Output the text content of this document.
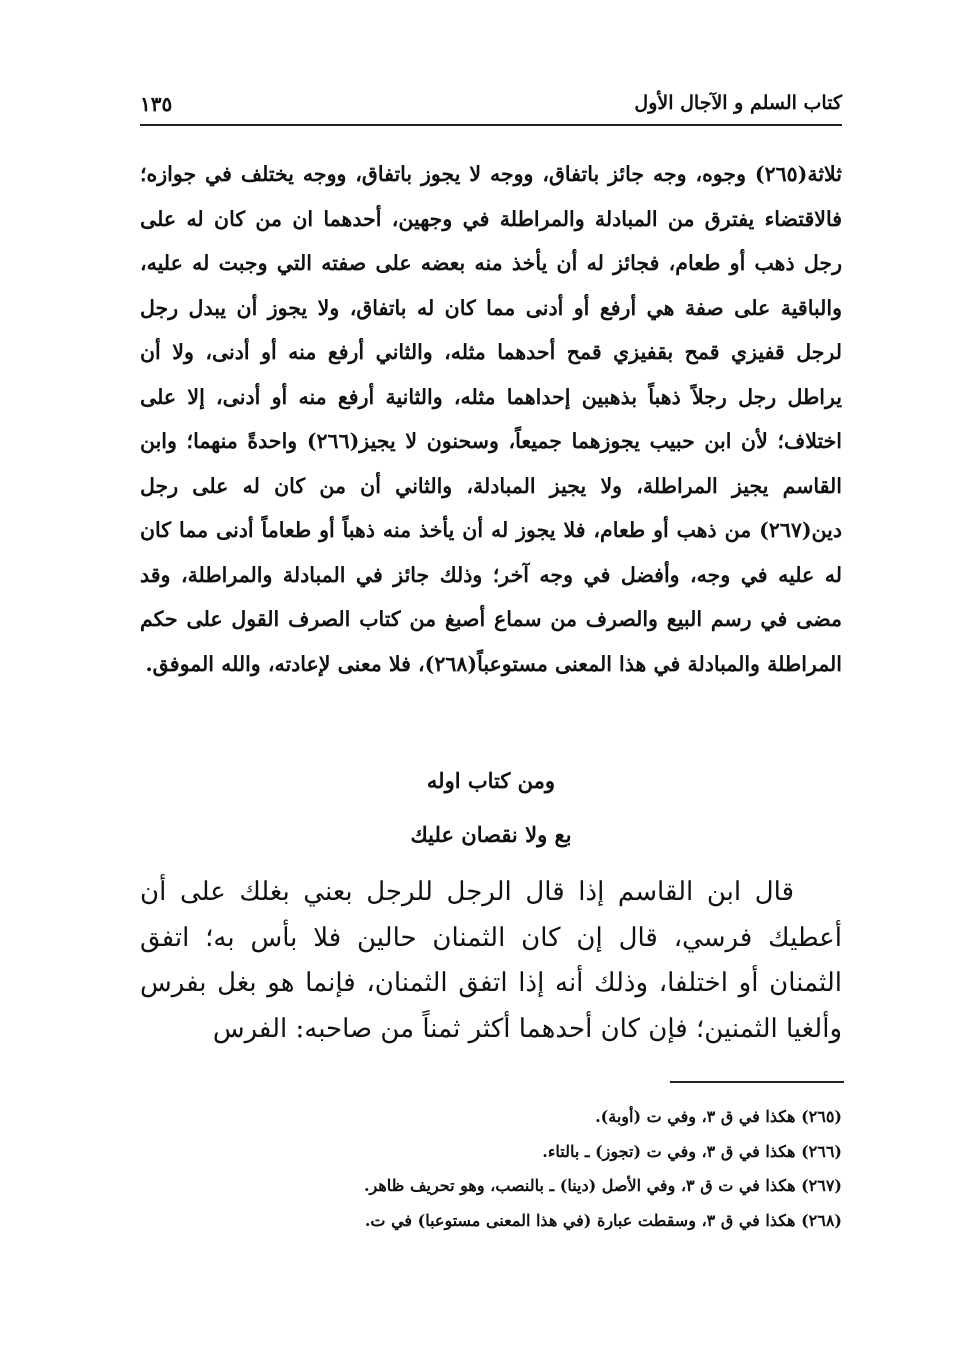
كتاب السلم و الآجال الأول
١٣٥

ثلاثة(٢٦٥) وجوه، وجه جائز باتفاق، ووجه لا يجوز باتفاق، ووجه يختلف في جوازه؛ فالاقتضاء يفترق من المبادلة والمراطلة في وجهين، أحدهما ان من كان له على رجل ذهب أو طعام، فجائز له أن يأخذ منه بعضه على صفته التي وجبت له عليه، والباقية على صفة هي أرفع أو أدنى مما كان له باتفاق، ولا يجوز أن يبدل رجل لرجل قفيزي قمح بقفيزي قمح أحدهما مثله، والثاني أرفع منه أو أدنى، ولا أن يراطل رجل رجلاً ذهباً بذهبين إحداهما مثله، والثانية أرفع منه أو أدنى، إلا على اختلاف؛ لأن ابن حبيب يجوزهما جميعاً، وسحنون لا يجيز(٢٦٦) واحدةً منهما؛ وابن القاسم يجيز المراطلة، ولا يجيز المبادلة، والثاني أن من كان له على رجل دين(٢٦٧) من ذهب أو طعام، فلا يجوز له أن يأخذ منه ذهباً أو طعاماً أدنى مما كان له عليه في وجه، وأفضل في وجه آخر؛ وذلك جائز في المبادلة والمراطلة، وقد مضى في رسم البيع والصرف من سماع أصبغ من كتاب الصرف القول على حكم المراطلة والمبادلة في هذا المعنى مستوعباً(٢٦٨)، فلا معنى لإعادته، والله الموفق.

ومن كتاب اوله
بع ولا نقصان عليك

قال ابن القاسم إذا قال الرجل للرجل بعني بغلك على أن أعطيك فرسي، قال إن كان الثمنان حالين فلا بأس به؛ اتفق الثمنان أو اختلفا، وذلك أنه إذا اتفق الثمنان، فإنما هو بغل بفرس وألغيا الثمنين؛ فإن كان أحدهما أكثر ثمناً من صاحبه: الفرس

(٢٦٥) هكذا في ق ٣، وفي ت (أوبة).
(٢٦٦) هكذا في ق ٣، وفي ت (تجوز) ـ بالتاء.
(٢٦٧) هكذا في ت ق ٣، وفي الأصل (دينا) ـ بالنصب، وهو تحريف ظاهر.
(٢٦٨) هكذا في ق ٣، وسقطت عبارة (في هذا المعنى مستوعبا) في ت.
